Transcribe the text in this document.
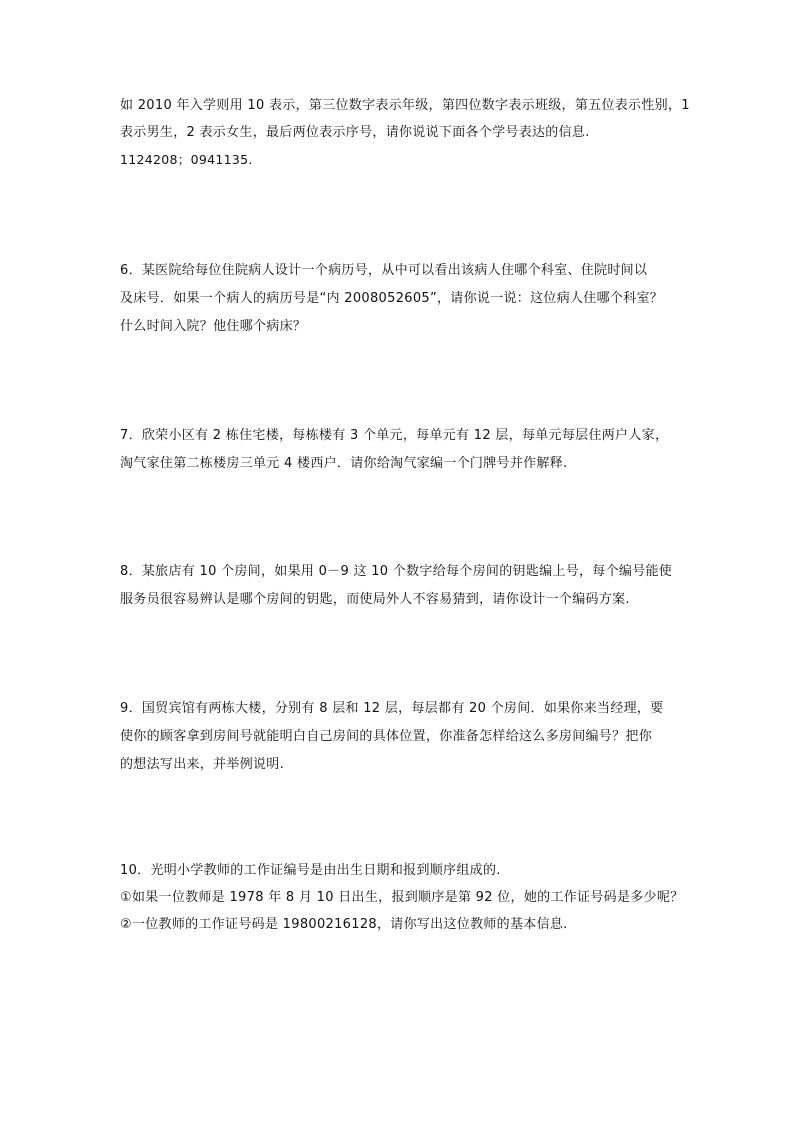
如 2010 年入学则用 10 表示，第三位数字表示年级，第四位数字表示班级，第五位表示性别，1
表示男生，2 表示女生，最后两位表示序号，请你说说下面各个学号表达的信息.
1124208；0941135.
6．某医院给每位住院病人设计一个病历号，从中可以看出该病人住哪个科室、住院时间以
及床号．如果一个病人的病历号是“内 2008052605”，请你说一说：这位病人住哪个科室？
什么时间入院？他住哪个病床？
7．欣荣小区有 2 栋住宅楼，每栋楼有 3 个单元，每单元有 12 层，每单元每层住两户人家，
淘气家住第二栋楼房三单元 4 楼西户．请你给淘气家编一个门牌号并作解释.
8．某旅店有 10 个房间，如果用 0－9 这 10 个数字给每个房间的钥匙编上号，每个编号能使
服务员很容易辨认是哪个房间的钥匙，而使局外人不容易猜到，请你设计一个编码方案.
9．国贸宾馆有两栋大楼，分别有 8 层和 12 层，每层都有 20 个房间．如果你来当经理，要
使你的顾客拿到房间号就能明白自己房间的具体位置，你准备怎样给这么多房间编号？把你
的想法写出来，并举例说明.
10．光明小学教师的工作证编号是由出生日期和报到顺序组成的.
①如果一位教师是 1978 年 8 月 10 日出生，报到顺序是第 92 位，她的工作证号码是多少呢？
②一位教师的工作证号码是 19800216128，请你写出这位教师的基本信息.
